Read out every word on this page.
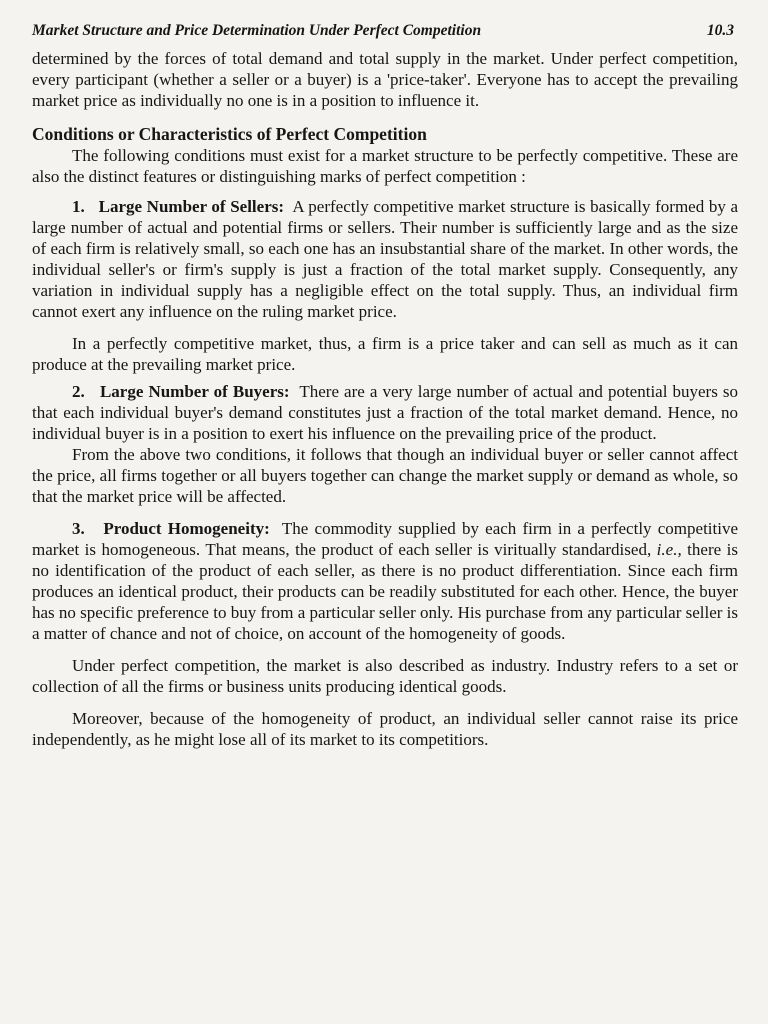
Market Structure and Price Determination Under Perfect Competition	10.3

determined by the forces of total demand and total supply in the market. Under perfect competition, every participant (whether a seller or a buyer) is a 'price-taker'. Everyone has to accept the prevailing market price as individually no one is in a position to influence it.

Conditions or Characteristics of Perfect Competition

The following conditions must exist for a market structure to be perfectly competitive. These are also the distinct features or distinguishing marks of perfect competition :

1. Large Number of Sellers: A perfectly competitive market structure is basically formed by a large number of actual and potential firms or sellers. Their number is sufficiently large and as the size of each firm is relatively small, so each one has an insubstantial share of the market. In other words, the individual seller's or firm's supply is just a fraction of the total market supply. Consequently, any variation in individual supply has a negligible effect on the total supply. Thus, an individual firm cannot exert any influence on the ruling market price.

In a perfectly competitive market, thus, a firm is a price taker and can sell as much as it can produce at the prevailing market price.

2. Large Number of Buyers: There are a very large number of actual and potential buyers so that each individual buyer's demand constitutes just a fraction of the total market demand. Hence, no individual buyer is in a position to exert his influence on the prevailing price of the product.

From the above two conditions, it follows that though an individual buyer or seller cannot affect the price, all firms together or all buyers together can change the market supply or demand as whole, so that the market price will be affected.

3. Product Homogeneity: The commodity supplied by each firm in a perfectly competitive market is homogeneous. That means, the product of each seller is viritually standardised, i.e., there is no identification of the product of each seller, as there is no product differentiation. Since each firm produces an identical product, their products can be readily substituted for each other. Hence, the buyer has no specific preference to buy from a particular seller only. His purchase from any particular seller is a matter of chance and not of choice, on account of the homogeneity of goods.

Under perfect competition, the market is also described as industry. Industry refers to a set or collection of all the firms or business units producing identical goods.

Moreover, because of the homogeneity of product, an individual seller cannot raise its price independently, as he might lose all of its market to its competitiors.
